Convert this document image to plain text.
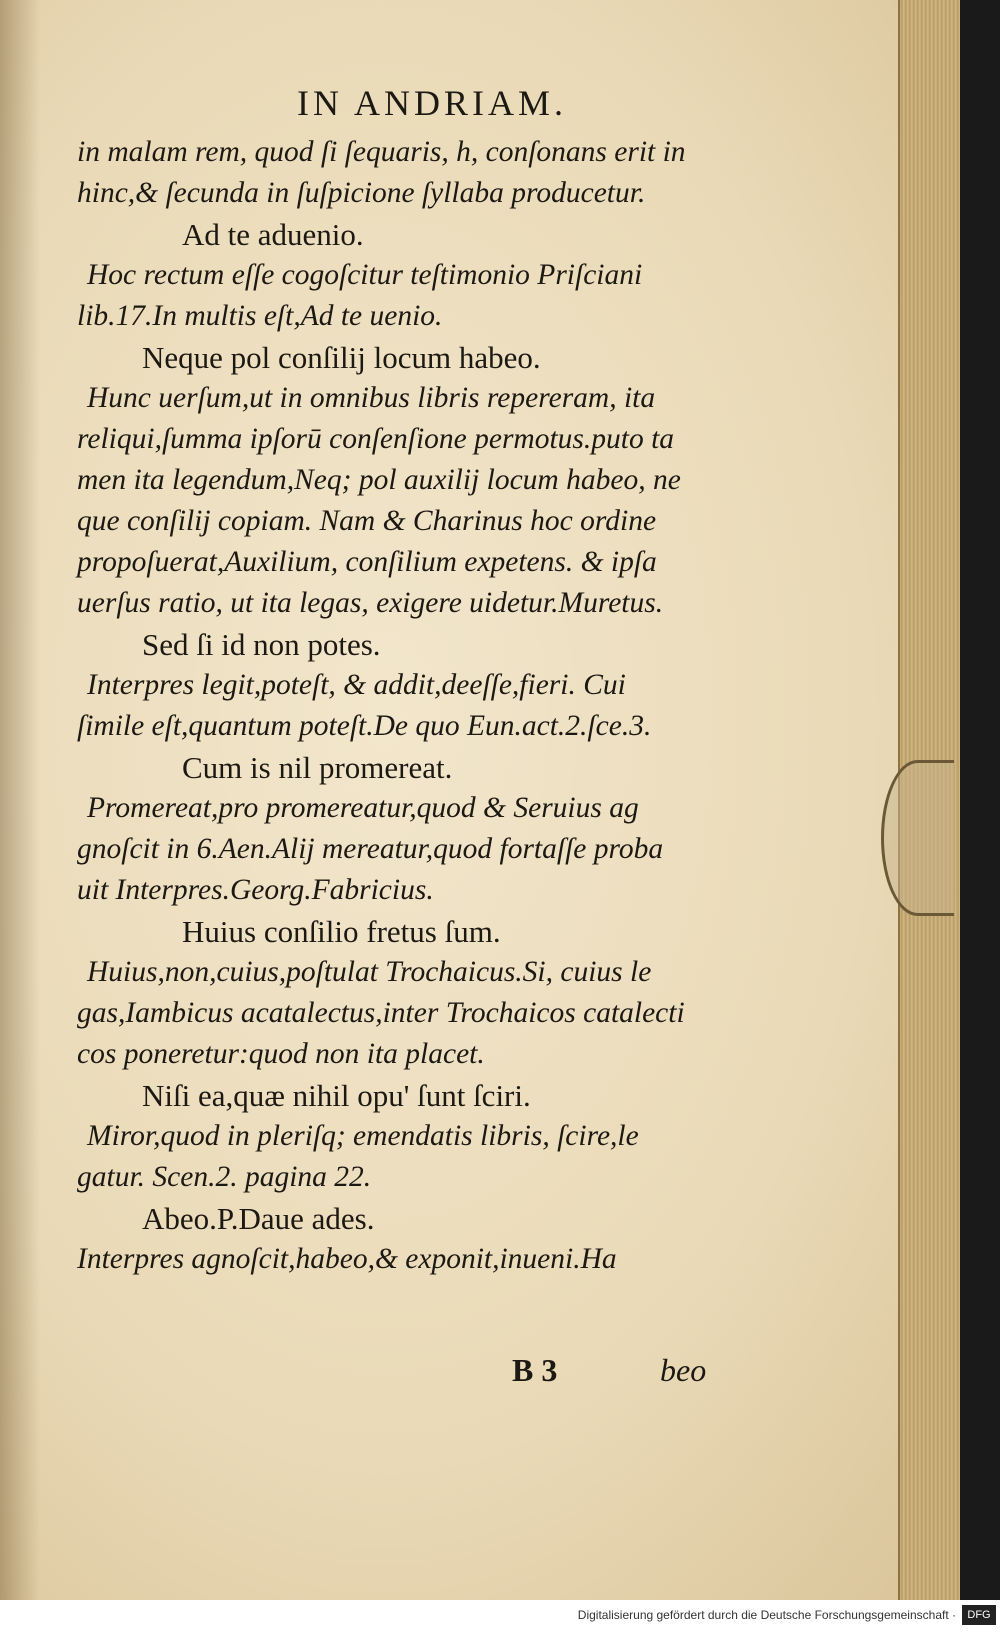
IN ANDRIAM.
in malam rem, quod ſi ſequaris, h, conſonans erit in
hinc,& ſecunda in ſuſpicione ſyllaba producetur.
Ad te aduenio.
Hoc rectum eſſe cogoſcitur teſtimonio Priſciani
lib.17.In multis eſt,Ad te uenio.
Neque pol conſilij locum habeo.
Hunc uerſum,ut in omnibus libris repereram, ita
reliqui,ſumma ipſorū conſenſione permotus.puto ta
men ita legendum,Neq; pol auxilij locum habeo, ne
que conſilij copiam. Nam & Charinus hoc ordine
propoſuerat,Auxilium, conſilium expetens. & ipſa
uerſus ratio, ut ita legas, exigere uidetur.Muretus.
Sed ſi id non potes.
Interpres legit,poteſt, & addit,deeſſe,fieri. Cui
ſimile eſt,quantum poteſt.De quo Eun.act.2.ſce.3.
Cum is nil promereat.
Promereat,pro promereatur,quod & Seruius ag
gnoſcit in 6.Aen.Alij mereatur,quod fortaſſe proba
uit Interpres.Georg.Fabricius.
Huius conſilio fretus ſum.
Huius,non,cuius,poſtulat Trochaicus.Si, cuius le
gas,Iambicus acatalectus,inter Trochaicos catalecti
cos poneretur:quod non ita placet.
Niſi ea,quæ nihil opu' ſunt ſciri.
Miror,quod in pleriſq; emendatis libris, ſcire,le
gatur. Scen.2. pagina 22.
Abeo.P.Daue ades.
Interpres agnoſcit,habeo,& exponit,inueni.Ha
B 3	beo
Digitalisierung gefördert durch die Deutsche Forschungsgemeinschaft ·	DFG
